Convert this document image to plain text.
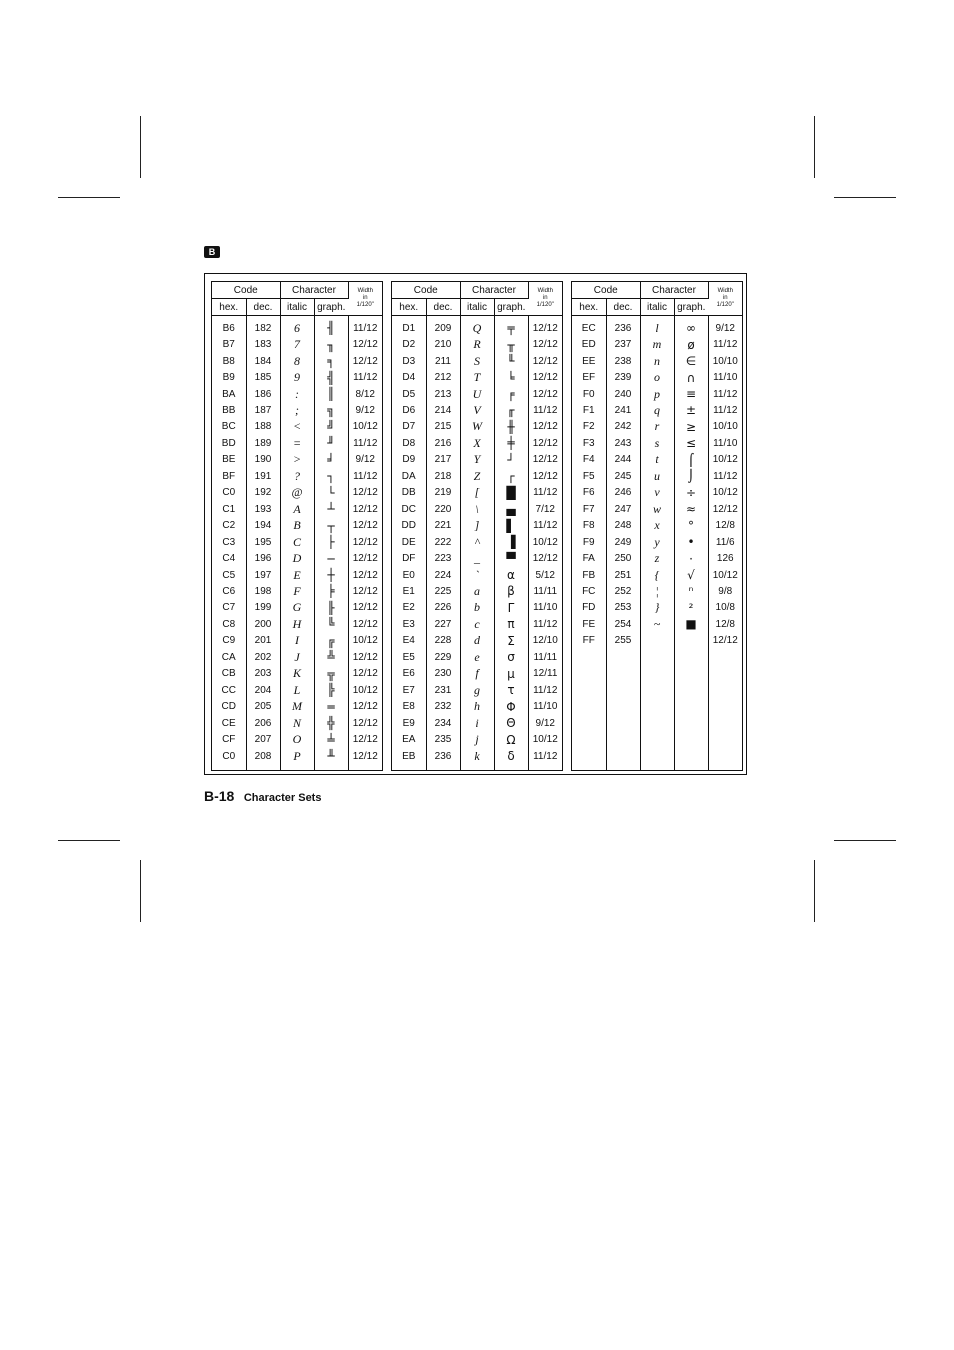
B
Code		Character		Width
in
1/120"
hex.	dec.	italic	graph.	
B6	182	6	╢	11/12
B7	183	7	╖	12/12
B8	184	8	╕	12/12
B9	185	9	╣	11/12
BA	186	:	║	8/12
BB	187	;	╗	9/12
BC	188	<	╝	10/12
BD	189	=	╜	11/12
BE	190	>	╛	9/12
BF	191	?	┐	11/12
C0	192	@	└	12/12
C1	193	A	┴	12/12
C2	194	B	┬	12/12
C3	195	C	├	12/12
C4	196	D	─	12/12
C5	197	E	┼	12/12
C6	198	F	╞	12/12
C7	199	G	╟	12/12
C8	200	H	╚	12/12
C9	201	I	╔	10/12
CA	202	J	╩	12/12
CB	203	K	╦	12/12
CC	204	L	╠	10/12
CD	205	M	═	12/12
CE	206	N	╬	12/12
CF	207	O	╧	12/12
C0	208	P	╨	12/12

Code		Character		Width
in
1/120"
hex.	dec.	italic	graph.	
D1	209	Q	╤	12/12
D2	210	R	╥	12/12
D3	211	S	╙	12/12
D4	212	T	╘	12/12
D5	213	U	╒	12/12
D6	214	V	╓	11/12
D7	215	W	╫	12/12
D8	216	X	╪	12/12
D9	217	Y	┘	12/12
DA	218	Z	┌	12/12
DB	219	[	█	11/12
DC	220	\	▄	7/12
DD	221	]	▌	11/12
DE	222	^	▐	10/12
DF	223	_	▀	12/12
E0	224	`	α	5/12
E1	225	a	β	11/11
E2	226	b	Γ	11/10
E3	227	c	π	11/12
E4	228	d	Σ	12/10
E5	229	e	σ	11/11
E6	230	f	µ	12/11
E7	231	g	τ	11/12
E8	232	h	Φ	11/10
E9	234	i	Θ	9/12
EA	235	j	Ω	10/12
EB	236	k	δ	11/12

Code		Character		Width
in
1/120"
hex.	dec.	italic	graph.	
EC	236	l	∞	9/12
ED	237	m	ø	11/12
EE	238	n	∈	10/10
EF	239	o	∩	11/10
F0	240	p	≡	11/12
F1	241	q	±	11/12
F2	242	r	≥	10/10
F3	243	s	≤	11/10
F4	244	t	⌠	10/12
F5	245	u	⌡	11/12
F6	246	v	÷	10/12
F7	247	w	≈	12/12
F8	248	x	°	12/8
F9	249	y	•	11/6
FA	250	z	·	126
FB	251	{	√	10/12
FC	252	¦	ⁿ	9/8
FD	253	}	²	10/8
FE	254	~	■	12/8
FF	255			12/12

B-18 Character Sets
